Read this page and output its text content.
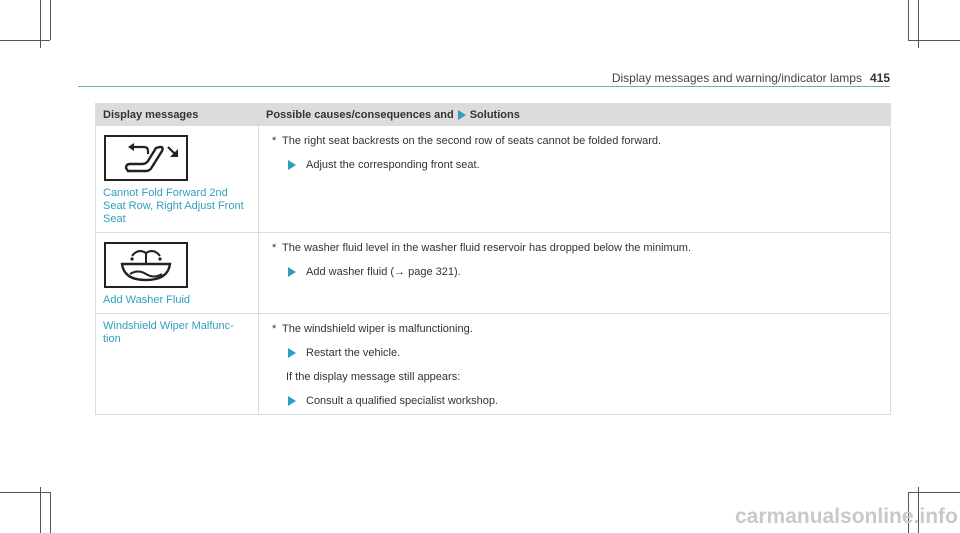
Display messages and warning/indicator lamps 415
Display messages	Possible causes/consequences and Solutions

Cannot Fold Forward 2nd Seat Row, Right Adjust Front Seat	* The right seat backrests on the second row of seats cannot be folded forward.
Adjust the corresponding front seat.

Add Washer Fluid	* The washer fluid level in the washer fluid reservoir has dropped below the minimum.
Add washer fluid (→ page 321).

Windshield Wiper Malfunc- tion	* The windshield wiper is malfunctioning.
Restart the vehicle.
If the display message still appears:
Consult a qualified specialist workshop.
carmanualsonline.info
